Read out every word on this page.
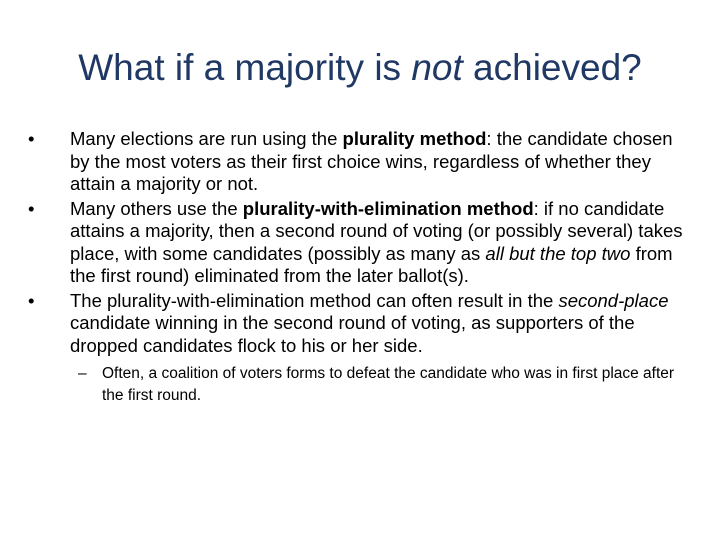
What if a majority is not achieved?
•	Many elections are run using the plurality method: the candidate chosen by the most voters as their first choice wins, regardless of whether they attain a majority or not.
•	Many others use the plurality-with-elimination method: if no candidate attains a majority, then a second round of voting (or possibly several) takes place, with some candidates (possibly as many as all but the top two from the first round) eliminated from the later ballot(s).
•	The plurality-with-elimination method can often result in the second-place candidate winning in the second round of voting, as supporters of the dropped candidates flock to his or her side.
– Often, a coalition of voters forms to defeat the candidate who was in first place after the first round.
